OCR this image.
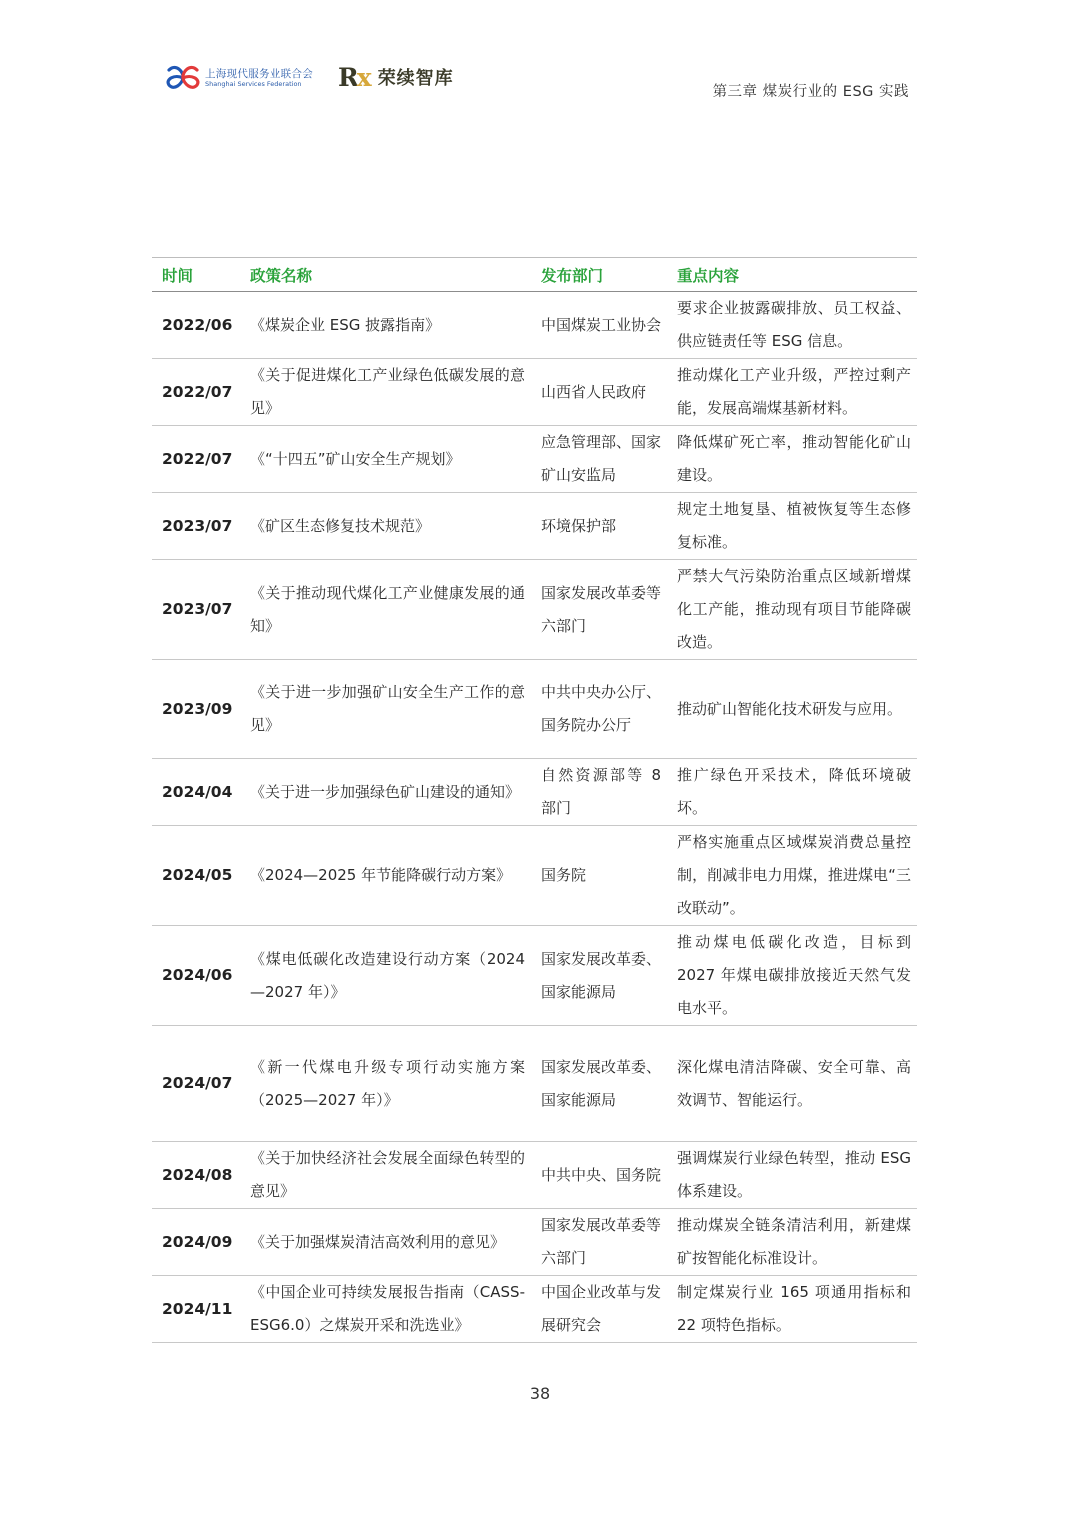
上海现代服务业联合会
Shanghai Services Federation	Rx 荣续智库
第三章 煤炭行业的 ESG 实践
时间	政策名称	发布部门	重点内容
2022/06	《煤炭企业 ESG 披露指南》	中国煤炭工业协会	要求企业披露碳排放、员工权益、供应链责任等 ESG 信息。
2022/07	《关于促进煤化工产业绿色低碳发展的意见》	山西省人民政府	推动煤化工产业升级，严控过剩产能，发展高端煤基新材料。
2022/07	《“十四五”矿山安全生产规划》	应急管理部、国家矿山安监局	降低煤矿死亡率，推动智能化矿山建设。
2023/07	《矿区生态修复技术规范》	环境保护部	规定土地复垦、植被恢复等生态修复标准。
2023/07	《关于推动现代煤化工产业健康发展的通知》	国家发展改革委等六部门	严禁大气污染防治重点区域新增煤化工产能，推动现有项目节能降碳改造。
2023/09	《关于进一步加强矿山安全生产工作的意见》	中共中央办公厅、国务院办公厅	推动矿山智能化技术研发与应用。
2024/04	《关于进一步加强绿色矿山建设的通知》	自然资源部等 8 部门	推广绿色开采技术，降低环境破坏。
2024/05	《2024—2025 年节能降碳行动方案》	国务院	严格实施重点区域煤炭消费总量控制，削减非电力用煤，推进煤电“三改联动”。
2024/06	《煤电低碳化改造建设行动方案（2024—2027 年）》	国家发展改革委、国家能源局	推动煤电低碳化改造，目标到 2027 年煤电碳排放接近天然气发电水平。
2024/07	《新一代煤电升级专项行动实施方案（2025—2027 年）》	国家发展改革委、国家能源局	深化煤电清洁降碳、安全可靠、高效调节、智能运行。
2024/08	《关于加快经济社会发展全面绿色转型的意见》	中共中央、国务院	强调煤炭行业绿色转型，推动 ESG 体系建设。
2024/09	《关于加强煤炭清洁高效利用的意见》	国家发展改革委等六部门	推动煤炭全链条清洁利用，新建煤矿按智能化标准设计。
2024/11	《中国企业可持续发展报告指南（CASS-ESG6.0）之煤炭开采和洗选业》	中国企业改革与发展研究会	制定煤炭行业 165 项通用指标和 22 项特色指标。
38
